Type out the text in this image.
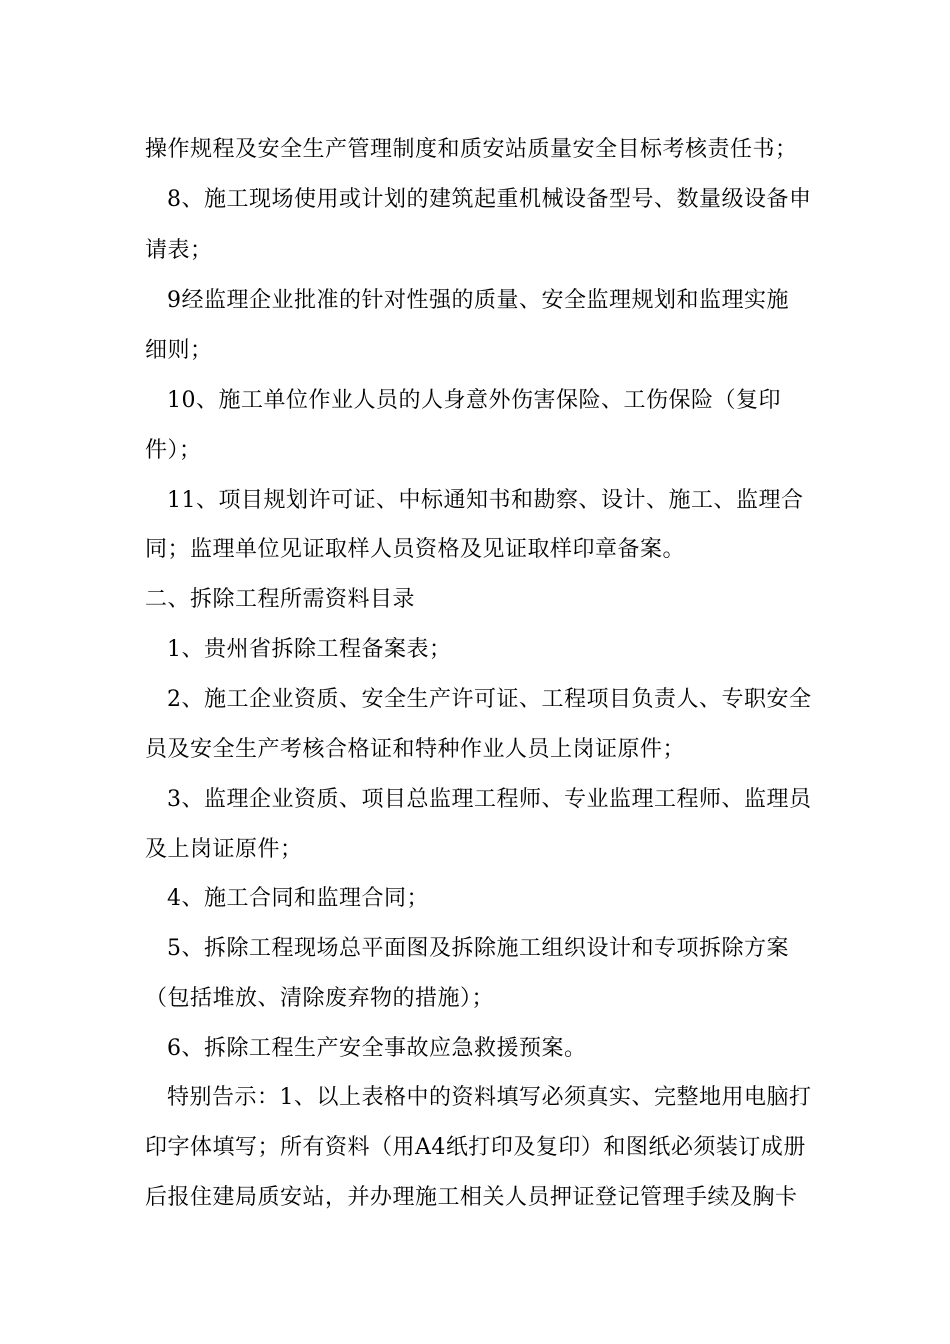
操作规程及安全生产管理制度和质安站质量安全目标考核责任书；
8、施工现场使用或计划的建筑起重机械设备型号、数量级设备申
请表；
9经监理企业批准的针对性强的质量、安全监理规划和监理实施
细则；
10、施工单位作业人员的人身意外伤害保险、工伤保险（复印
件）；
11、项目规划许可证、中标通知书和勘察、设计、施工、监理合
同；监理单位见证取样人员资格及见证取样印章备案。
二、拆除工程所需资料目录
1、贵州省拆除工程备案表；
2、施工企业资质、安全生产许可证、工程项目负责人、专职安全
员及安全生产考核合格证和特种作业人员上岗证原件；
3、监理企业资质、项目总监理工程师、专业监理工程师、监理员
及上岗证原件；
4、施工合同和监理合同；
5、拆除工程现场总平面图及拆除施工组织设计和专项拆除方案
（包括堆放、清除废弃物的措施）；
6、拆除工程生产安全事故应急救援预案。
特别告示：1、以上表格中的资料填写必须真实、完整地用电脑打
印字体填写；所有资料（用A4纸打印及复印）和图纸必须装订成册
后报住建局质安站，并办理施工相关人员押证登记管理手续及胸卡
